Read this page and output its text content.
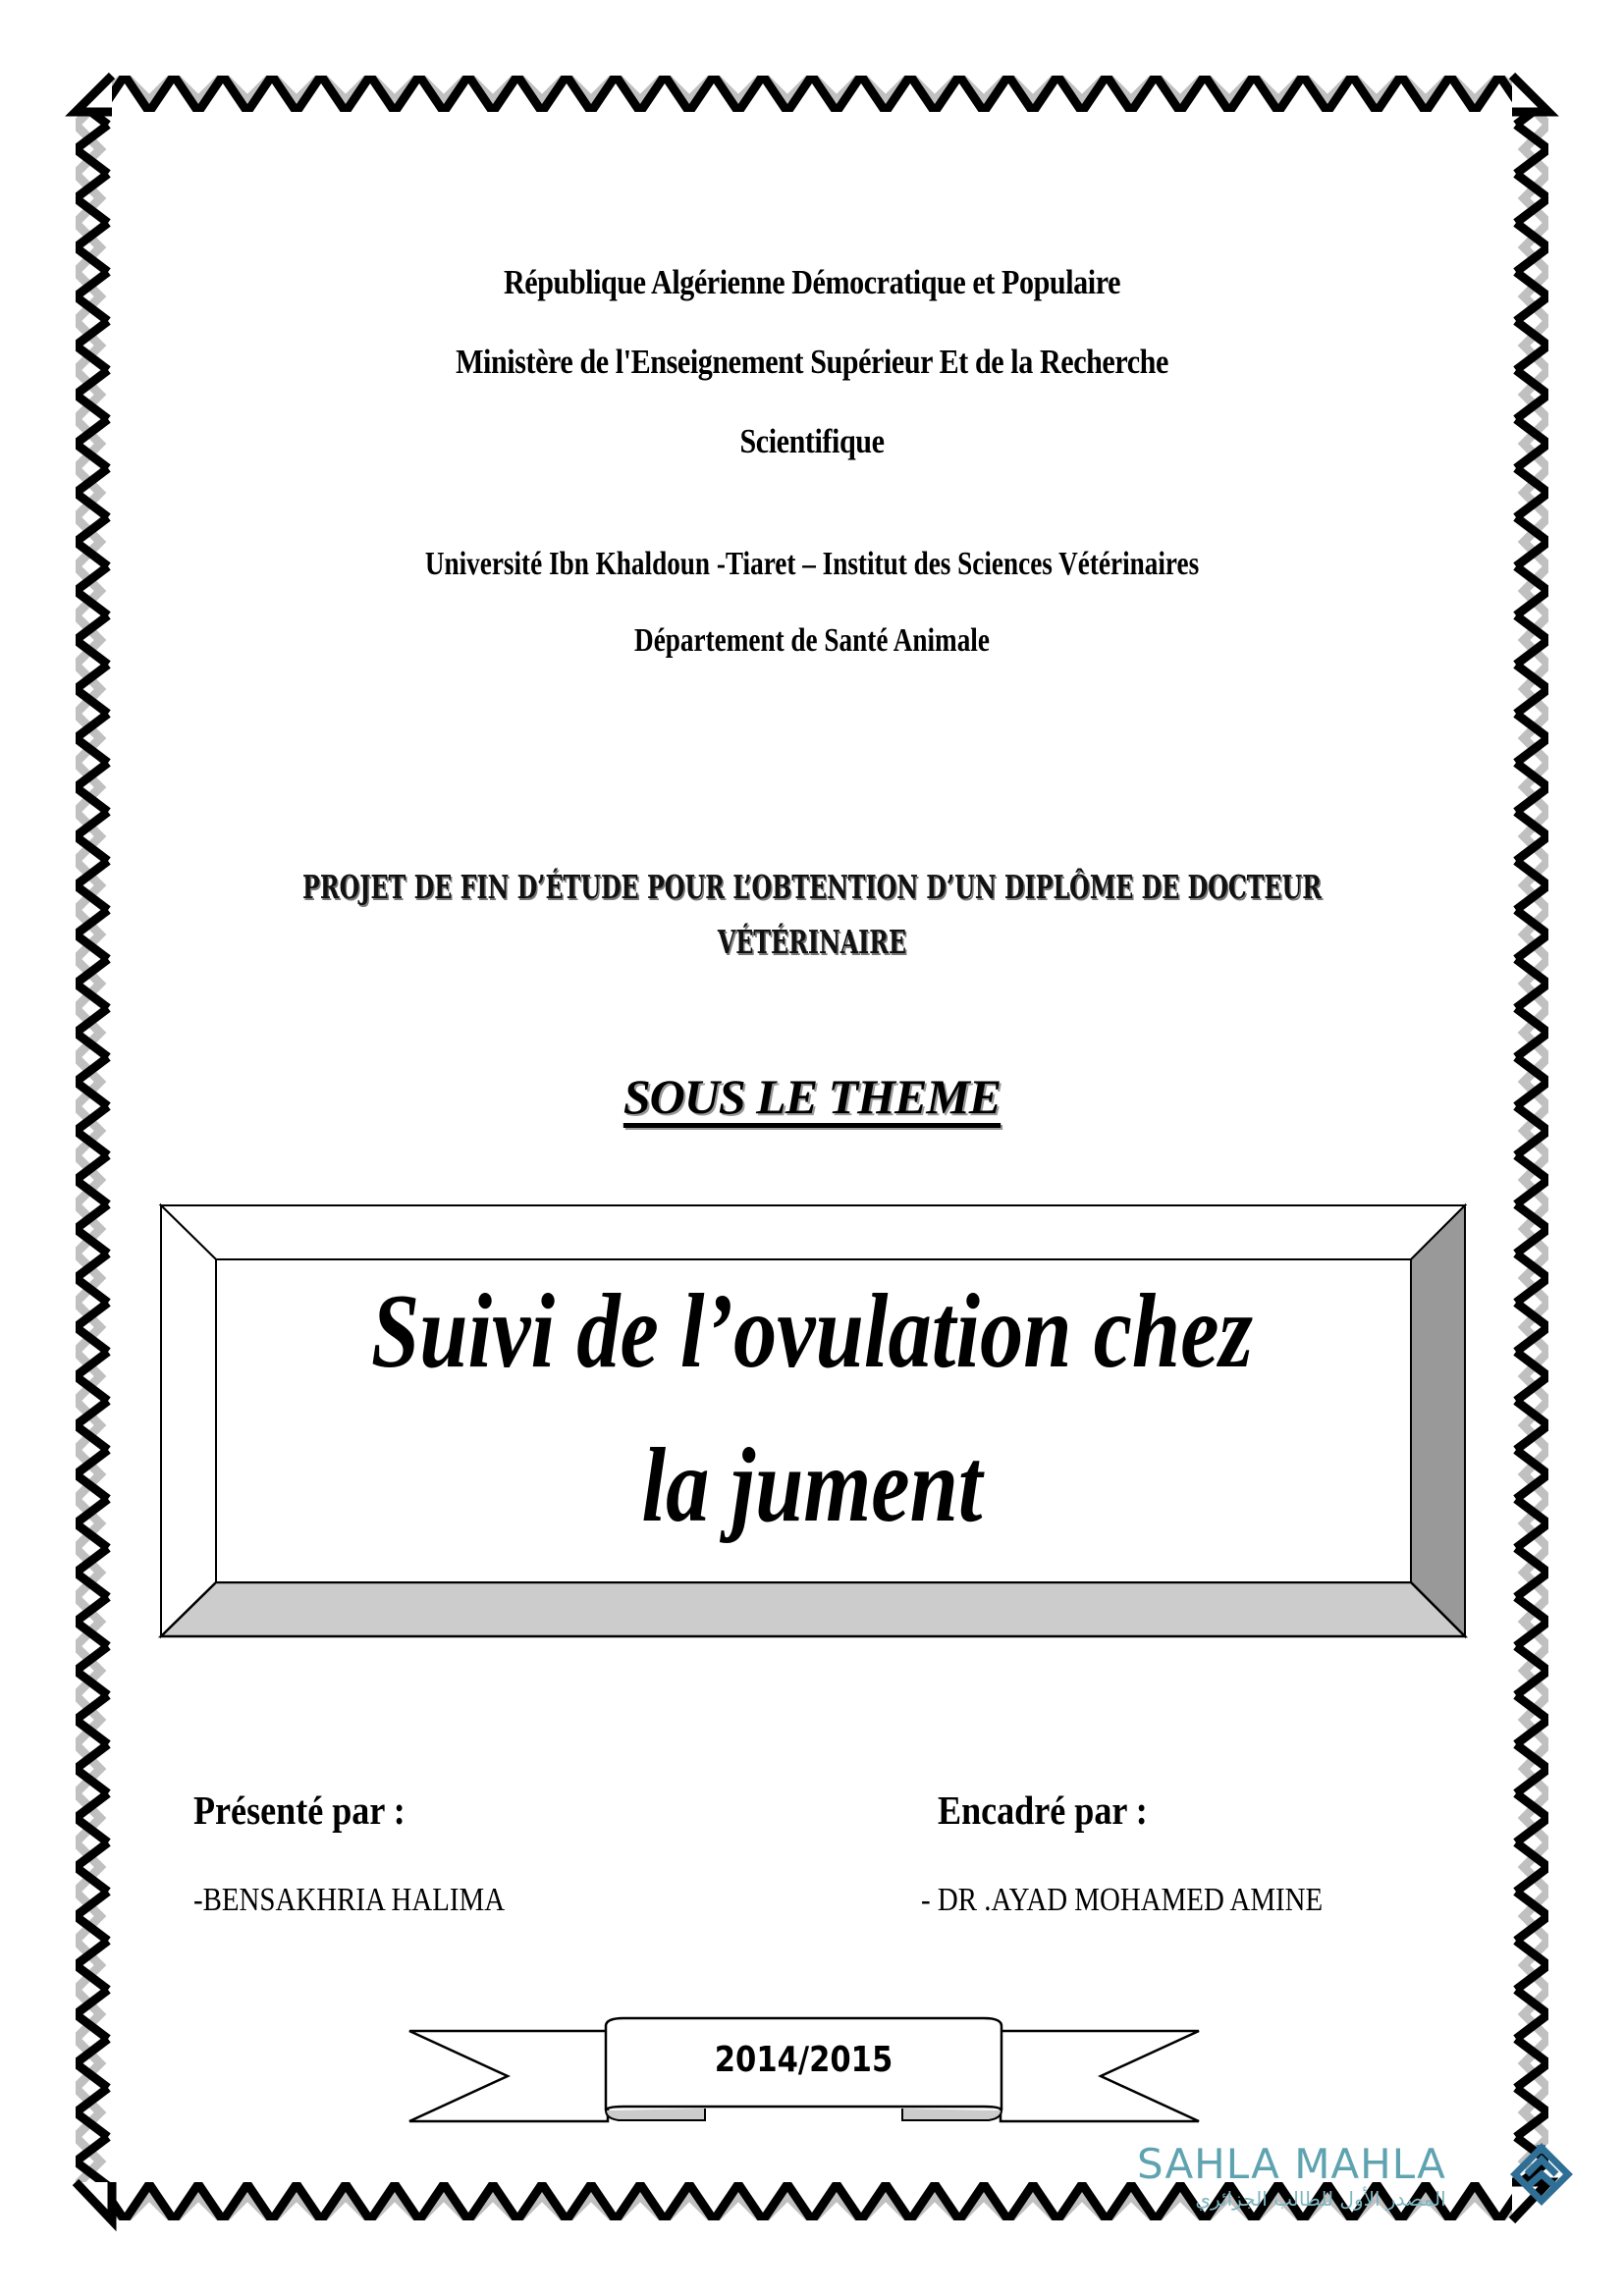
République Algérienne Démocratique et Populaire
Ministère de l'Enseignement Supérieur Et de la Recherche
Scientifique
Université Ibn Khaldoun -Tiaret – Institut des Sciences Vétérinaires
Département de Santé Animale
PROJET DE FIN D’ÉTUDE POUR L’OBTENTION D’UN DIPLÔME DE DOCTEUR
VÉTÉRINAIRE
SOUS LE THEME
Suivi de l’ovulation chez
la jument
Présenté par :
-BENSAKHRIA HALIMA
Encadré par :
- DR .AYAD MOHAMED AMINE
2014/2015
SAHLA MAHLA
المصدر الأول للطالب الجزائري
